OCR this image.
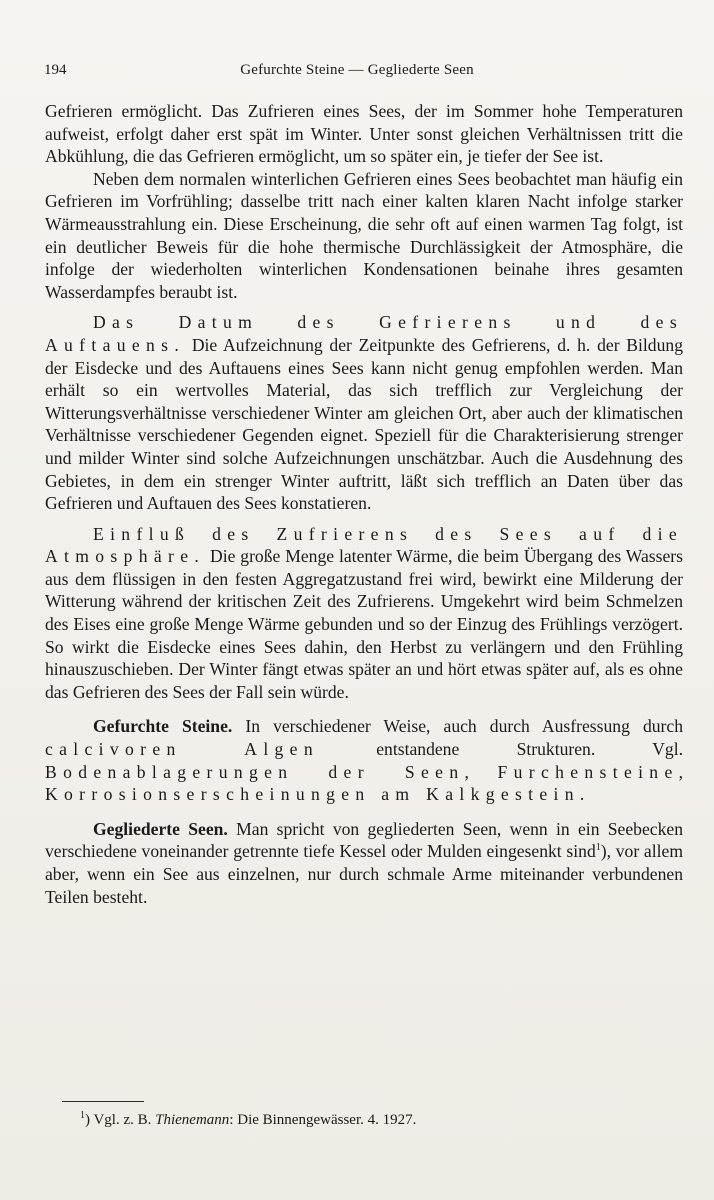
194	Gefurchte Steine — Gegliederte Seen

Gefrieren ermöglicht. Das Zufrieren eines Sees, der im Sommer hohe Temperaturen aufweist, erfolgt daher erst spät im Winter. Unter sonst gleichen Verhältnissen tritt die Abkühlung, die das Gefrieren ermöglicht, um so später ein, je tiefer der See ist.

Neben dem normalen winterlichen Gefrieren eines Sees beobachtet man häufig ein Gefrieren im Vorfrühling; dasselbe tritt nach einer kalten klaren Nacht infolge starker Wärmeausstrahlung ein. Diese Erscheinung, die sehr oft auf einen warmen Tag folgt, ist ein deutlicher Beweis für die hohe thermische Durchlässigkeit der Atmosphäre, die infolge der wiederholten winterlichen Kondensationen beinahe ihres gesamten Wasserdampfes beraubt ist.

Das Datum des Gefrierens und des Auftauens. Die Aufzeichnung der Zeitpunkte des Gefrierens, d. h. der Bildung der Eisdecke und des Auftauens eines Sees kann nicht genug empfohlen werden. Man erhält so ein wertvolles Material, das sich trefflich zur Vergleichung der Witterungsverhältnisse verschiedener Winter am gleichen Ort, aber auch der klimatischen Verhältnisse verschiedener Gegenden eignet. Speziell für die Charakterisierung strenger und milder Winter sind solche Aufzeichnungen unschätzbar. Auch die Ausdehnung des Gebietes, in dem ein strenger Winter auftritt, läßt sich trefflich an Daten über das Gefrieren und Auftauen des Sees konstatieren.

Einfluß des Zufrierens des Sees auf die Atmosphäre. Die große Menge latenter Wärme, die beim Übergang des Wassers aus dem flüssigen in den festen Aggregatzustand frei wird, bewirkt eine Milderung der Witterung während der kritischen Zeit des Zufrierens. Umgekehrt wird beim Schmelzen des Eises eine große Menge Wärme gebunden und so der Einzug des Frühlings verzögert. So wirkt die Eisdecke eines Sees dahin, den Herbst zu verlängern und den Frühling hinauszuschieben. Der Winter fängt etwas später an und hört etwas später auf, als es ohne das Gefrieren des Sees der Fall sein würde.

Gefurchte Steine. In verschiedener Weise, auch durch Ausfressung durch calcivoren Algen entstandene Strukturen. Vgl. Bodenablagerungen der Seen, Furchensteine, Korrosionserscheinungen am Kalkgestein.

Gegliederte Seen. Man spricht von gegliederten Seen, wenn in ein Seebecken verschiedene voneinander getrennte tiefe Kessel oder Mulden eingesenkt sind$^1$), vor allem aber, wenn ein See aus einzelnen, nur durch schmale Arme miteinander verbundenen Teilen besteht.

$^1$) Vgl. z. B. Thienemann: Die Binnengewässer. 4. 1927.
